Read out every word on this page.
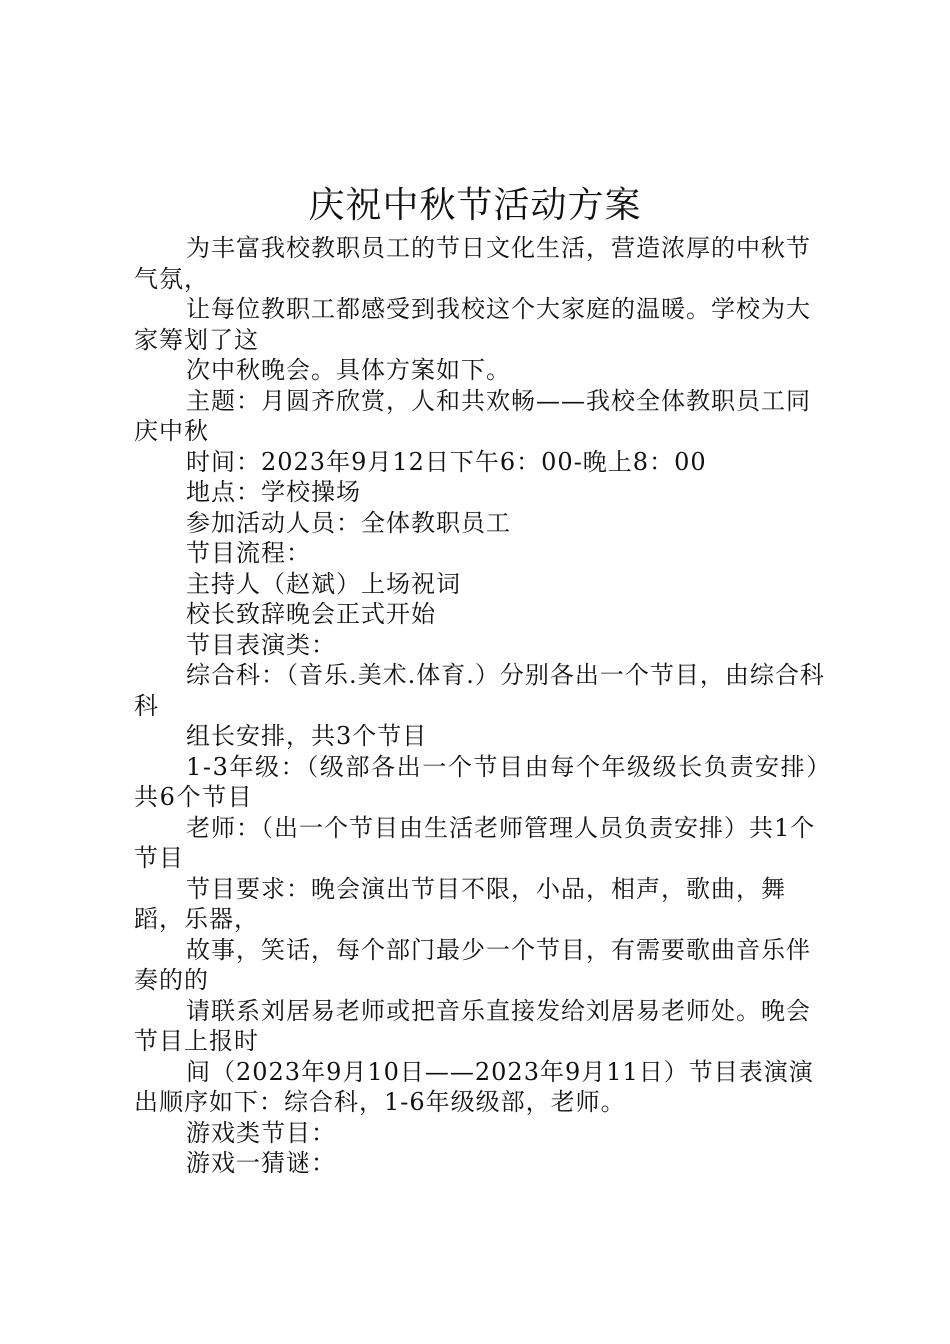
庆祝中秋节活动方案

为丰富我校教职员工的节日文化生活，营造浓厚的中秋节气氛，

让每位教职工都感受到我校这个大家庭的温暖。学校为大家筹划了这

次中秋晚会。具体方案如下。

主题：月圆齐欣赏，人和共欢畅——我校全体教职员工同庆中秋

时间：2023年9月12日下午6：00-晚上8：00

地点：学校操场

参加活动人员：全体教职员工

节目流程：

主持人（赵斌）上场祝词

校长致辞晚会正式开始

节目表演类：

综合科：（音乐.美术.体育.）分别各出一个节目，由综合科科

组长安排，共3个节目

1-3年级：（级部各出一个节目由每个年级级长负责安排）共6个节目

老师：（出一个节目由生活老师管理人员负责安排）共1个节目

节目要求：晚会演出节目不限，小品，相声，歌曲，舞蹈，乐器，

故事，笑话，每个部门最少一个节目，有需要歌曲音乐伴奏的的

请联系刘居易老师或把音乐直接发给刘居易老师处。晚会节目上报时

间（2023年9月10日——2023年9月11日）节目表演演出顺序如下：综合科，1-6年级级部，老师。

游戏类节目：

游戏一猜谜：
